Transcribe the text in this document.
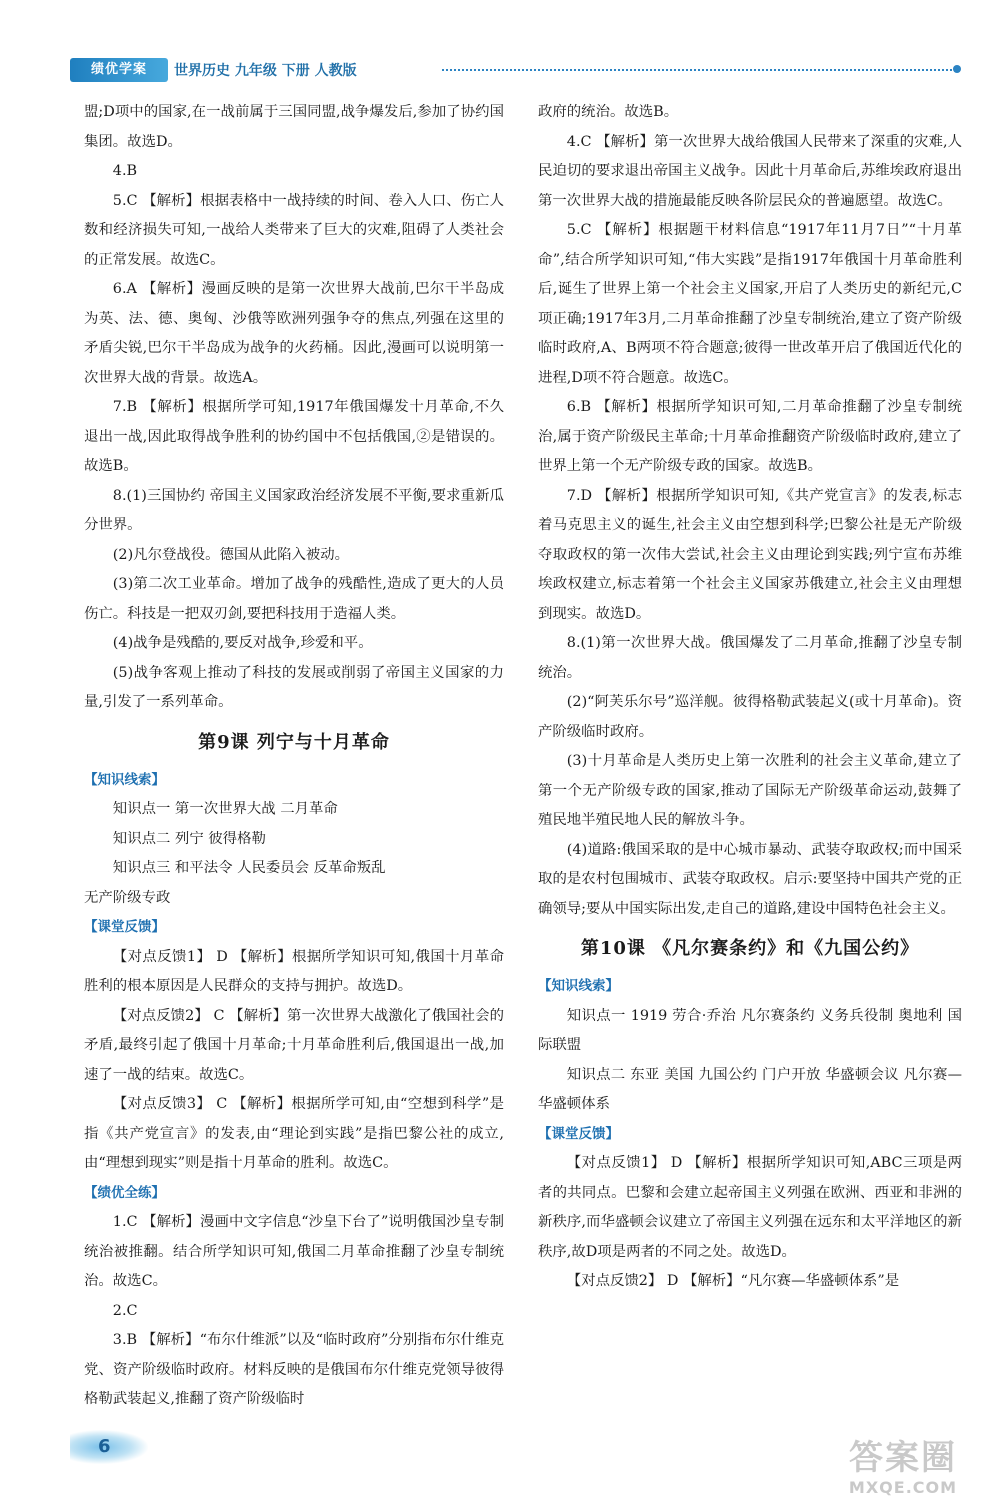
绩优学案	世界历史 九年级 下册 人教版
盟;D项中的国家,在一战前属于三国同盟,战争爆发后,参加了协约国集团。故选D。
4.B
5.C 【解析】根据表格中一战持续的时间、卷入人口、伤亡人数和经济损失可知,一战给人类带来了巨大的灾难,阻碍了人类社会的正常发展。故选C。
6.A 【解析】漫画反映的是第一次世界大战前,巴尔干半岛成为英、法、德、奥匈、沙俄等欧洲列强争夺的焦点,列强在这里的矛盾尖锐,巴尔干半岛成为战争的火药桶。因此,漫画可以说明第一次世界大战的背景。故选A。
7.B 【解析】根据所学可知,1917年俄国爆发十月革命,不久退出一战,因此取得战争胜利的协约国中不包括俄国,②是错误的。故选B。
8.(1)三国协约 帝国主义国家政治经济发展不平衡,要求重新瓜分世界。
(2)凡尔登战役。德国从此陷入被动。
(3)第二次工业革命。增加了战争的残酷性,造成了更大的人员伤亡。科技是一把双刃剑,要把科技用于造福人类。
(4)战争是残酷的,要反对战争,珍爱和平。
(5)战争客观上推动了科技的发展或削弱了帝国主义国家的力量,引发了一系列革命。
第9课 列宁与十月革命
【知识线索】
知识点一 第一次世界大战 二月革命
知识点二 列宁 彼得格勒
知识点三 和平法令 人民委员会 反革命叛乱
无产阶级专政
【课堂反馈】
【对点反馈1】 D 【解析】根据所学知识可知,俄国十月革命胜利的根本原因是人民群众的支持与拥护。故选D。
【对点反馈2】 C 【解析】第一次世界大战激化了俄国社会的矛盾,最终引起了俄国十月革命;十月革命胜利后,俄国退出一战,加速了一战的结束。故选C。
【对点反馈3】 C 【解析】根据所学可知,由“空想到科学”是指《共产党宣言》的发表,由“理论到实践”是指巴黎公社的成立,由“理想到现实”则是指十月革命的胜利。故选C。
【绩优全练】
1.C 【解析】漫画中文字信息“沙皇下台了”说明俄国沙皇专制统治被推翻。结合所学知识可知,俄国二月革命推翻了沙皇专制统治。故选C。
2.C
3.B 【解析】“布尔什维派”以及“临时政府”分别指布尔什维克党、资产阶级临时政府。材料反映的是俄国布尔什维克党领导彼得格勒武装起义,推翻了资产阶级临时
政府的统治。故选B。
4.C 【解析】第一次世界大战给俄国人民带来了深重的灾难,人民迫切的要求退出帝国主义战争。因此十月革命后,苏维埃政府退出第一次世界大战的措施最能反映各阶层民众的普遍愿望。故选C。
5.C 【解析】根据题干材料信息“1917年11月7日”“十月革命”,结合所学知识可知,“伟大实践”是指1917年俄国十月革命胜利后,诞生了世界上第一个社会主义国家,开启了人类历史的新纪元,C项正确;1917年3月,二月革命推翻了沙皇专制统治,建立了资产阶级临时政府,A、B两项不符合题意;彼得一世改革开启了俄国近代化的进程,D项不符合题意。故选C。
6.B 【解析】根据所学知识可知,二月革命推翻了沙皇专制统治,属于资产阶级民主革命;十月革命推翻资产阶级临时政府,建立了世界上第一个无产阶级专政的国家。故选B。
7.D 【解析】根据所学知识可知,《共产党宣言》的发表,标志着马克思主义的诞生,社会主义由空想到科学;巴黎公社是无产阶级夺取政权的第一次伟大尝试,社会主义由理论到实践;列宁宣布苏维埃政权建立,标志着第一个社会主义国家苏俄建立,社会主义由理想到现实。故选D。
8.(1)第一次世界大战。俄国爆发了二月革命,推翻了沙皇专制统治。
(2)“阿芙乐尔号”巡洋舰。彼得格勒武装起义(或十月革命)。资产阶级临时政府。
(3)十月革命是人类历史上第一次胜利的社会主义革命,建立了第一个无产阶级专政的国家,推动了国际无产阶级革命运动,鼓舞了殖民地半殖民地人民的解放斗争。
(4)道路:俄国采取的是中心城市暴动、武装夺取政权;而中国采取的是农村包围城市、武装夺取政权。启示:要坚持中国共产党的正确领导;要从中国实际出发,走自己的道路,建设中国特色社会主义。
第10课 《凡尔赛条约》和《九国公约》
【知识线索】
知识点一 1919 劳合·乔治 凡尔赛条约 义务兵役制 奥地利 国际联盟
知识点二 东亚 美国 九国公约 门户开放 华盛顿会议 凡尔赛—华盛顿体系
【课堂反馈】
【对点反馈1】 D 【解析】根据所学知识可知,ABC三项是两者的共同点。巴黎和会建立起帝国主义列强在欧洲、西亚和非洲的新秩序,而华盛顿会议建立了帝国主义列强在远东和太平洋地区的新秩序,故D项是两者的不同之处。故选D。
【对点反馈2】 D 【解析】“凡尔赛—华盛顿体系”是
6	答案圈
MXQE.COM
